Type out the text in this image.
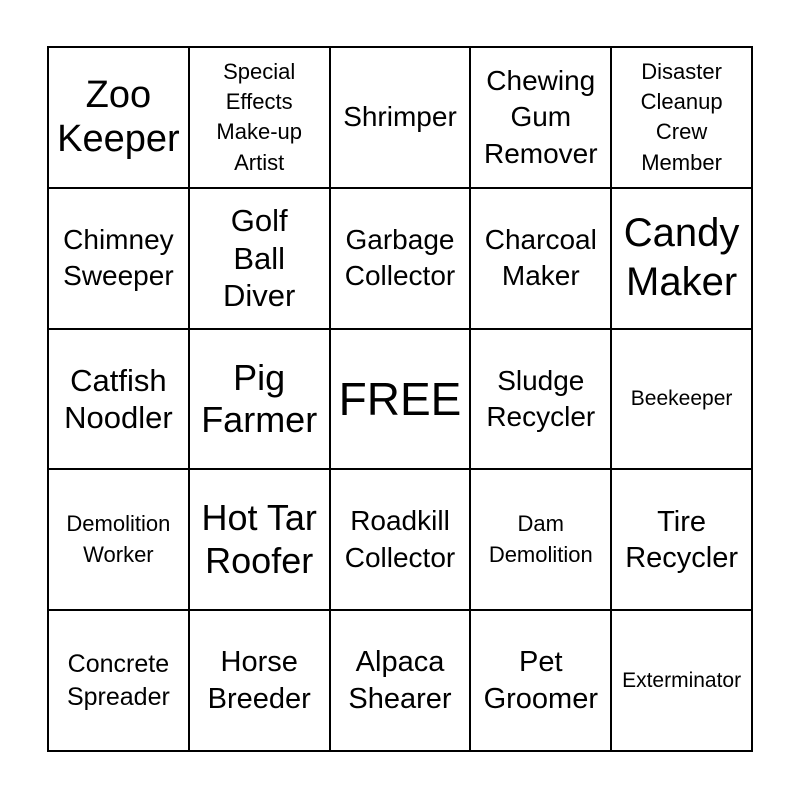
Zoo
Keeper
Special
Effects
Make-up
Artist
Shrimper
Chewing
Gum
Remover
Disaster
Cleanup
Crew
Member
Chimney
Sweeper
Golf
Ball
Diver
Garbage
Collector
Charcoal
Maker
Candy
Maker
Catfish
Noodler
Pig
Farmer FREE	Sludge
Recycler
Beekeeper
Demolition
Worker
Hot Tar
Roofer
Roadkill
Collector
Dam
Demolition
Tire
Recycler
Concrete
Spreader
Horse
Breeder
Alpaca
Shearer
Pet
Groomer
Exterminator
